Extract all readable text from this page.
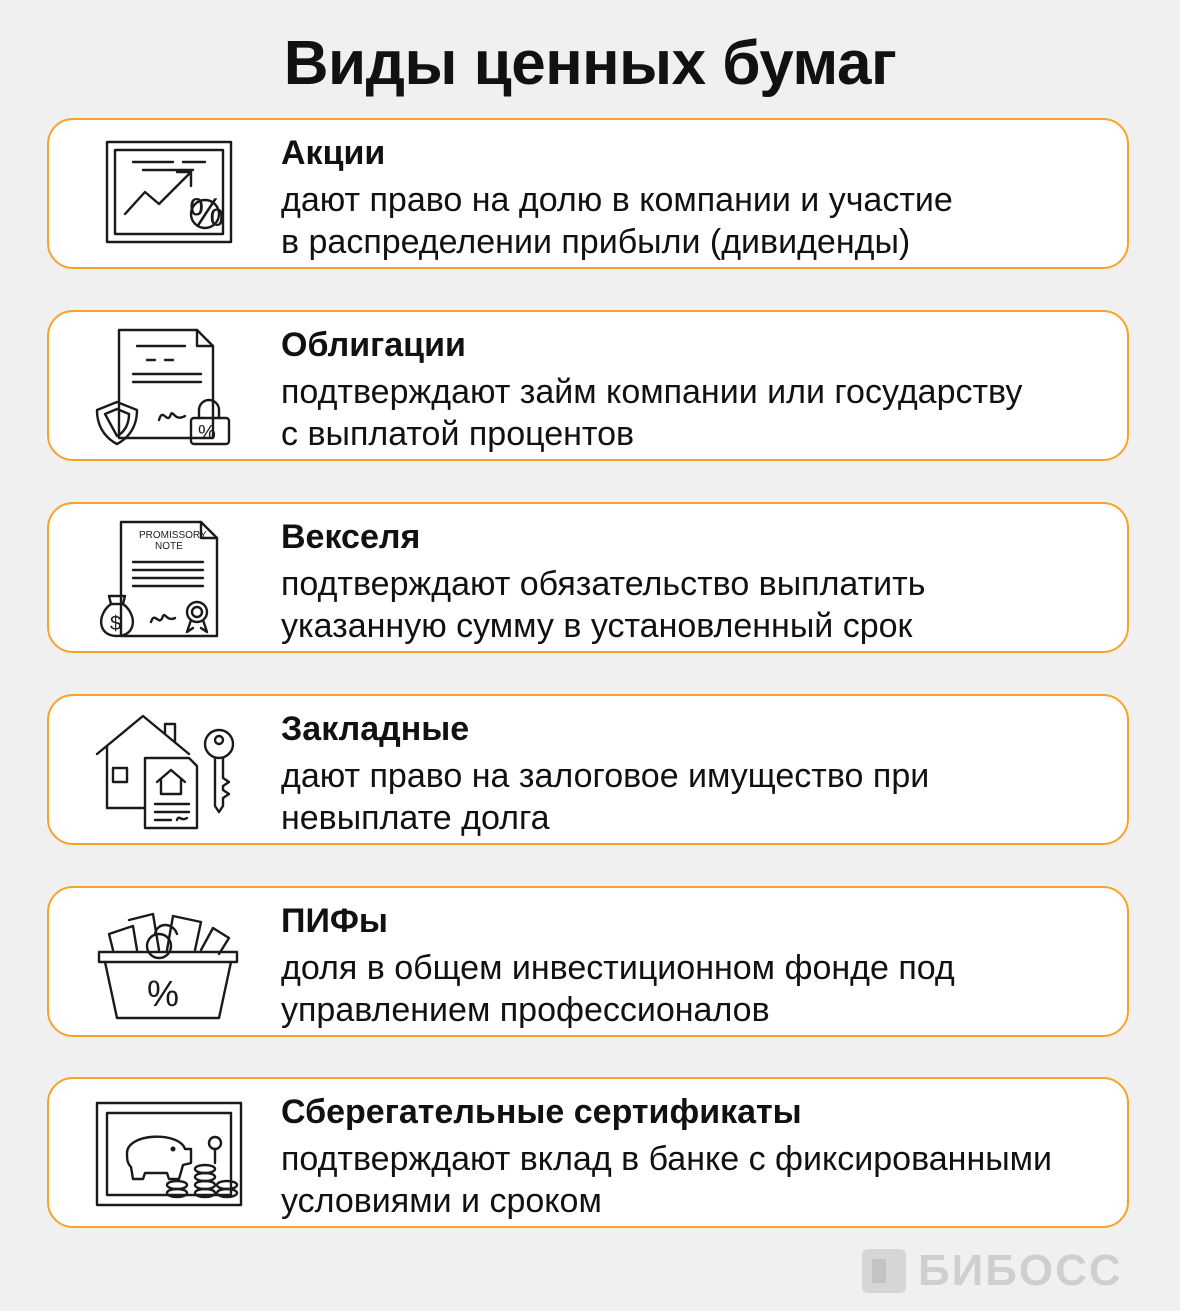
Виды ценных бумаг
%
Акции
дают право на долю в компании и участие
в распределении прибыли (дивиденды)
%
Облигации
подтверждают займ компании или государству
с выплатой процентов
PROMISSORY
NOTE
$
Векселя
подтверждают обязательство выплатить
указанную сумму в установленный срок
Закладные
дают право на залоговое имущество при
невыплате долга
%
ПИФы
доля в общем инвестиционном фонде под
управлением профессионалов
Сберегательные сертификаты
подтверждают вклад в банке с фиксированными
условиями и сроком
БИБОСС
